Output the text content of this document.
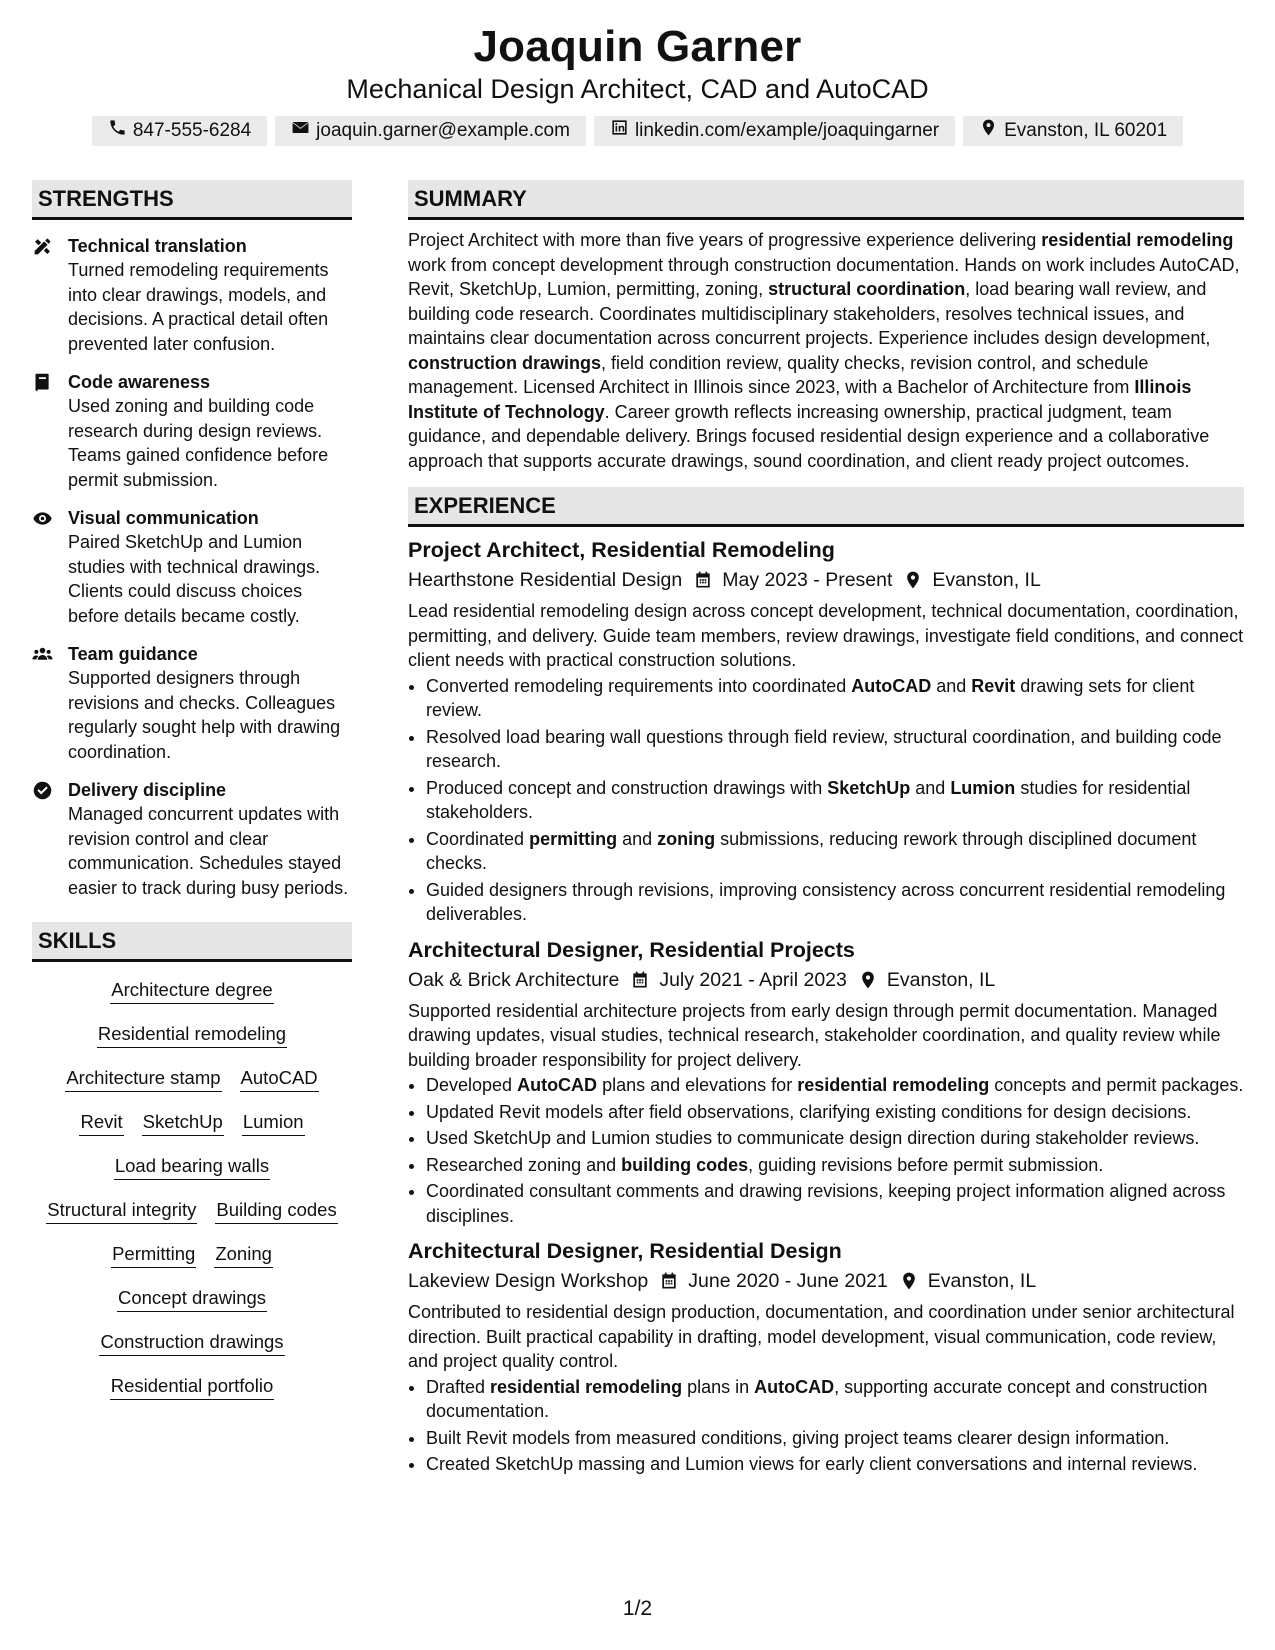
Joaquin Garner
Mechanical Design Architect, CAD and AutoCAD
847-555-6284	joaquin.garner@example.com	linkedin.com/example/joaquingarner	Evanston, IL 60201
STRENGTHS
Technical translation
Turned remodeling requirements into clear drawings, models, and decisions. A practical detail often prevented later confusion.
Code awareness
Used zoning and building code research during design reviews. Teams gained confidence before permit submission.
Visual communication
Paired SketchUp and Lumion studies with technical drawings. Clients could discuss choices before details became costly.
Team guidance
Supported designers through revisions and checks. Colleagues regularly sought help with drawing coordination.
Delivery discipline
Managed concurrent updates with revision control and clear communication. Schedules stayed easier to track during busy periods.
SKILLS
Architecture degree
Residential remodeling
Architecture stamp AutoCAD
Revit SketchUp Lumion
Load bearing walls
Structural integrity Building codes
Permitting Zoning
Concept drawings
Construction drawings
Residential portfolio
SUMMARY
Project Architect with more than five years of progressive experience delivering residential remodeling work from concept development through construction documentation. Hands on work includes AutoCAD, Revit, SketchUp, Lumion, permitting, zoning, structural coordination, load bearing wall review, and building code research. Coordinates multidisciplinary stakeholders, resolves technical issues, and maintains clear documentation across concurrent projects. Experience includes design development, construction drawings, field condition review, quality checks, revision control, and schedule management. Licensed Architect in Illinois since 2023, with a Bachelor of Architecture from Illinois Institute of Technology. Career growth reflects increasing ownership, practical judgment, team guidance, and dependable delivery. Brings focused residential design experience and a collaborative approach that supports accurate drawings, sound coordination, and client ready project outcomes.
EXPERIENCE
Project Architect, Residential Remodeling
Hearthstone Residential Design May 2023 - Present Evanston, IL
Lead residential remodeling design across concept development, technical documentation, coordination, permitting, and delivery. Guide team members, review drawings, investigate field conditions, and connect client needs with practical construction solutions.
• Converted remodeling requirements into coordinated AutoCAD and Revit drawing sets for client review.
• Resolved load bearing wall questions through field review, structural coordination, and building code research.
• Produced concept and construction drawings with SketchUp and Lumion studies for residential stakeholders.
• Coordinated permitting and zoning submissions, reducing rework through disciplined document checks.
• Guided designers through revisions, improving consistency across concurrent residential remodeling deliverables.
Architectural Designer, Residential Projects
Oak & Brick Architecture July 2021 - April 2023 Evanston, IL
Supported residential architecture projects from early design through permit documentation. Managed drawing updates, visual studies, technical research, stakeholder coordination, and quality review while building broader responsibility for project delivery.
• Developed AutoCAD plans and elevations for residential remodeling concepts and permit packages.
• Updated Revit models after field observations, clarifying existing conditions for design decisions.
• Used SketchUp and Lumion studies to communicate design direction during stakeholder reviews.
• Researched zoning and building codes, guiding revisions before permit submission.
• Coordinated consultant comments and drawing revisions, keeping project information aligned across disciplines.
Architectural Designer, Residential Design
Lakeview Design Workshop June 2020 - June 2021 Evanston, IL
Contributed to residential design production, documentation, and coordination under senior architectural direction. Built practical capability in drafting, model development, visual communication, code review, and project quality control.
• Drafted residential remodeling plans in AutoCAD, supporting accurate concept and construction documentation.
• Built Revit models from measured conditions, giving project teams clearer design information.
• Created SketchUp massing and Lumion views for early client conversations and internal reviews.
1/2
